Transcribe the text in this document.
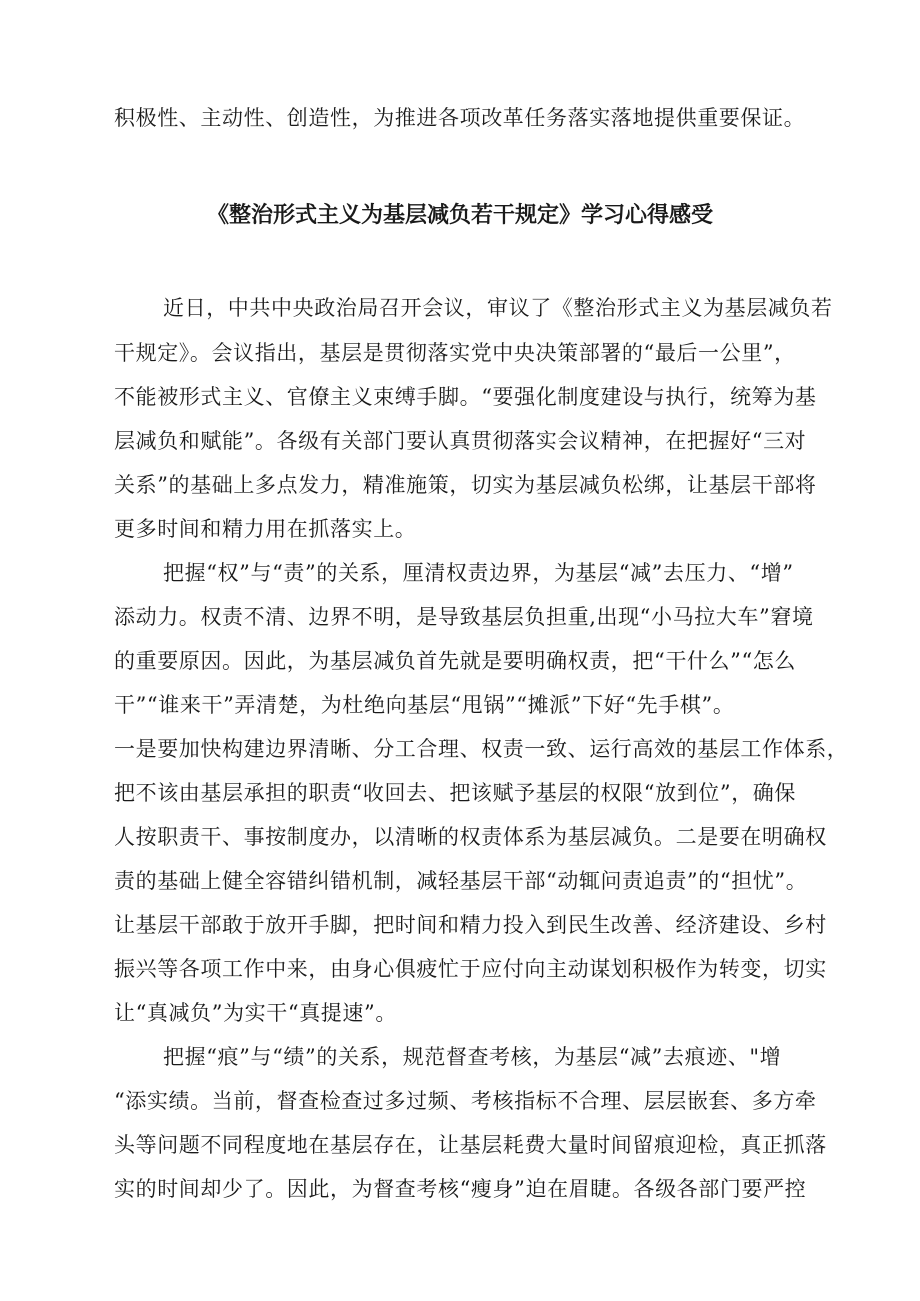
积极性、主动性、创造性，为推进各项改革任务落实落地提供重要保证。
《整治形式主义为基层减负若干规定》学习心得感受
近日，中共中央政治局召开会议，审议了《整治形式主义为基层减负若
干规定》。会议指出，基层是贯彻落实党中央决策部署的“最后一公里”，
不能被形式主义、官僚主义束缚手脚。“要强化制度建设与执行，统筹为基
层减负和赋能”。各级有关部门要认真贯彻落实会议精神，在把握好“三对
关系”的基础上多点发力，精准施策，切实为基层减负松绑，让基层干部将
更多时间和精力用在抓落实上。
把握“权”与“责”的关系，厘清权责边界，为基层“减”去压力、“增”
添动力。权责不清、边界不明，是导致基层负担重,出现“小马拉大车”窘境
的重要原因。因此，为基层减负首先就是要明确权责，把“干什么”“怎么
干”“谁来干”弄清楚，为杜绝向基层“甩锅”“摊派”下好“先手棋”。
一是要加快构建边界清晰、分工合理、权责一致、运行高效的基层工作体系，
把不该由基层承担的职责“收回去、把该赋予基层的权限“放到位”，确保
人按职责干、事按制度办，以清晰的权责体系为基层减负。二是要在明确权
责的基础上健全容错纠错机制，减轻基层干部“动辄问责追责”的“担忧”。
让基层干部敢于放开手脚，把时间和精力投入到民生改善、经济建设、乡村
振兴等各项工作中来，由身心俱疲忙于应付向主动谋划积极作为转变，切实
让“真减负”为实干“真提速”。
把握“痕”与“绩”的关系，规范督查考核，为基层“减”去痕迹、"增
“添实绩。当前，督查检查过多过频、考核指标不合理、层层嵌套、多方牵
头等问题不同程度地在基层存在，让基层耗费大量时间留痕迎检，真正抓落
实的时间却少了。因此，为督查考核“瘦身”迫在眉睫。各级各部门要严控
